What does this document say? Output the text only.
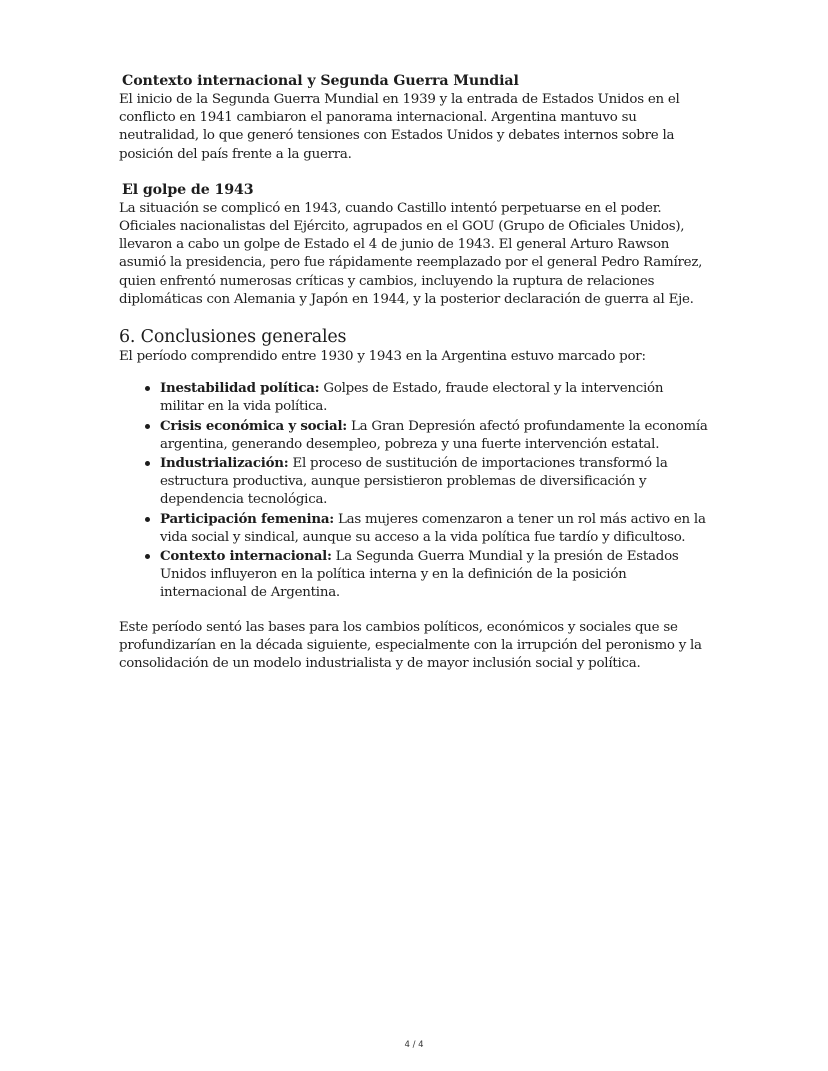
Contexto internacional y Segunda Guerra Mundial

El inicio de la Segunda Guerra Mundial en 1939 y la entrada de Estados Unidos en el conflicto en 1941 cambiaron el panorama internacional. Argentina mantuvo su neutralidad, lo que generó tensiones con Estados Unidos y debates internos sobre la posición del país frente a la guerra.

El golpe de 1943

La situación se complicó en 1943, cuando Castillo intentó perpetuarse en el poder. Oficiales nacionalistas del Ejército, agrupados en el GOU (Grupo de Oficiales Unidos), llevaron a cabo un golpe de Estado el 4 de junio de 1943. El general Arturo Rawson asumió la presidencia, pero fue rápidamente reemplazado por el general Pedro Ramírez, quien enfrentó numerosas críticas y cambios, incluyendo la ruptura de relaciones diplomáticas con Alemania y Japón en 1944, y la posterior declaración de guerra al Eje.

6. Conclusiones generales

El período comprendido entre 1930 y 1943 en la Argentina estuvo marcado por:

Inestabilidad política: Golpes de Estado, fraude electoral y la intervención militar en la vida política.
Crisis económica y social: La Gran Depresión afectó profundamente la economía argentina, generando desempleo, pobreza y una fuerte intervención estatal.
Industrialización: El proceso de sustitución de importaciones transformó la estructura productiva, aunque persistieron problemas de diversificación y dependencia tecnológica.
Participación femenina: Las mujeres comenzaron a tener un rol más activo en la vida social y sindical, aunque su acceso a la vida política fue tardío y dificultoso.
Contexto internacional: La Segunda Guerra Mundial y la presión de Estados Unidos influyeron en la política interna y en la definición de la posición internacional de Argentina.

Este período sentó las bases para los cambios políticos, económicos y sociales que se profundizarían en la década siguiente, especialmente con la irrupción del peronismo y la consolidación de un modelo industrialista y de mayor inclusión social y política.

4 / 4
